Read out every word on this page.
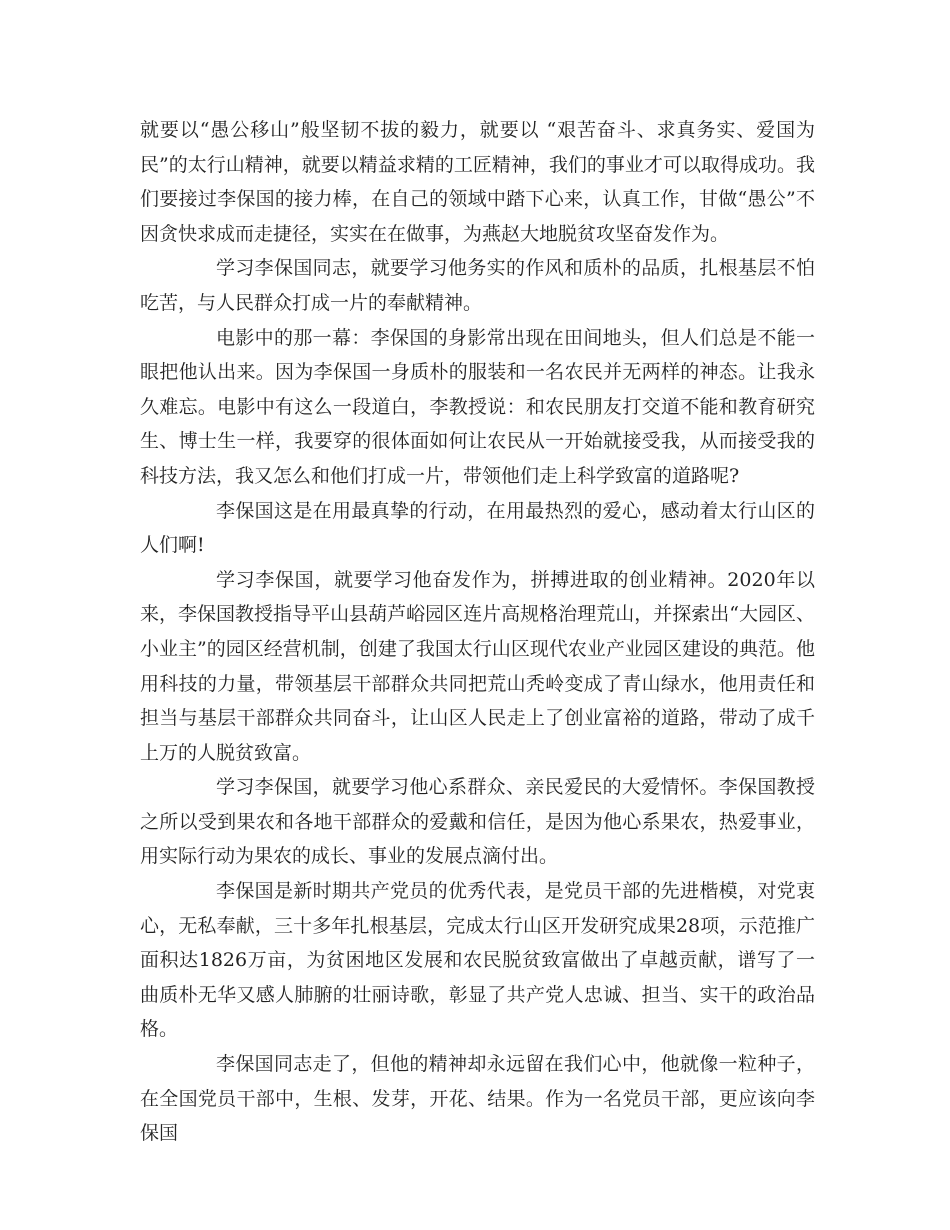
就要以“愚公移山”般坚韧不拔的毅力，就要以 “艰苦奋斗、求真务实、爱国为民”的太行山精神，就要以精益求精的工匠精神，我们的事业才可以取得成功。我们要接过李保国的接力棒，在自己的领域中踏下心来，认真工作，甘做“愚公”不因贪快求成而走捷径，实实在在做事，为燕赵大地脱贫攻坚奋发作为。

学习李保国同志，就要学习他务实的作风和质朴的品质，扎根基层不怕吃苦，与人民群众打成一片的奉献精神。

电影中的那一幕：李保国的身影常出现在田间地头，但人们总是不能一眼把他认出来。因为李保国一身质朴的服装和一名农民并无两样的神态。让我永久难忘。电影中有这么一段道白，李教授说：和农民朋友打交道不能和教育研究生、博士生一样，我要穿的很体面如何让农民从一开始就接受我，从而接受我的科技方法，我又怎么和他们打成一片，带领他们走上科学致富的道路呢?

李保国这是在用最真挚的行动，在用最热烈的爱心，感动着太行山区的人们啊!

学习李保国，就要学习他奋发作为，拼搏进取的创业精神。2020年以来，李保国教授指导平山县葫芦峪园区连片高规格治理荒山，并探索出“大园区、小业主”的园区经营机制，创建了我国太行山区现代农业产业园区建设的典范。他用科技的力量，带领基层干部群众共同把荒山秃岭变成了青山绿水，他用责任和担当与基层干部群众共同奋斗，让山区人民走上了创业富裕的道路，带动了成千上万的人脱贫致富。

学习李保国，就要学习他心系群众、亲民爱民的大爱情怀。李保国教授之所以受到果农和各地干部群众的爱戴和信任，是因为他心系果农，热爱事业，用实际行动为果农的成长、事业的发展点滴付出。

李保国是新时期共产党员的优秀代表，是党员干部的先进楷模，对党衷心，无私奉献，三十多年扎根基层，完成太行山区开发研究成果28项，示范推广面积达1826万亩，为贫困地区发展和农民脱贫致富做出了卓越贡献，谱写了一曲质朴无华又感人肺腑的壮丽诗歌，彰显了共产党人忠诚、担当、实干的政治品格。

李保国同志走了，但他的精神却永远留在我们心中，他就像一粒种子，在全国党员干部中，生根、发芽，开花、结果。作为一名党员干部，更应该向李保国
